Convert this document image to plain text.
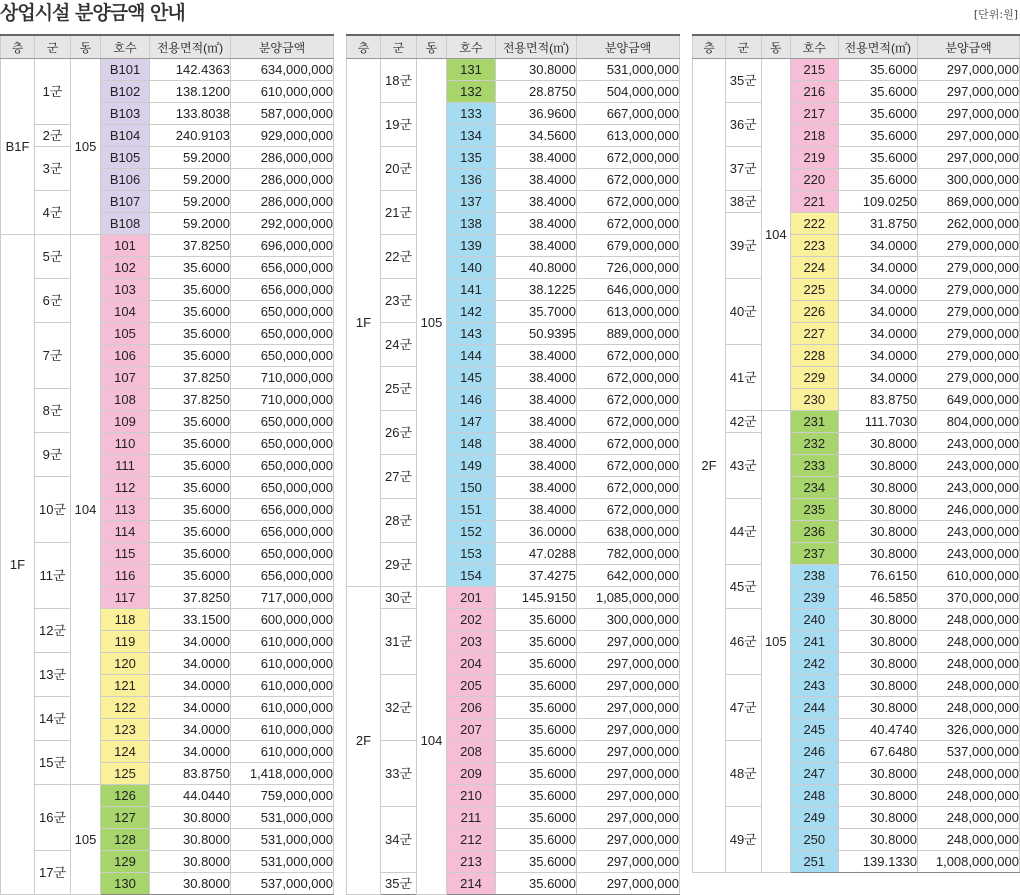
상업시설 분양금액 안내	[단위:원]
층	군	동	호수	전용면적(㎡)	분양금액
B1F	1군	105	B101	142.4363	634,000,000
			B102	138.1200	610,000,000
			B103	133.8038	587,000,000
	2군		B104	240.9103	929,000,000
	3군		B105	59.2000	286,000,000
			B106	59.2000	286,000,000
	4군		B107	59.2000	286,000,000
			B108	59.2000	292,000,000
1F	5군	104	101	37.8250	696,000,000
			102	35.6000	656,000,000
	6군		103	35.6000	656,000,000
			104	35.6000	650,000,000
	7군		105	35.6000	650,000,000
			106	35.6000	650,000,000
			107	37.8250	710,000,000
	8군		108	37.8250	710,000,000
			109	35.6000	650,000,000
	9군		110	35.6000	650,000,000
			111	35.6000	650,000,000
	10군		112	35.6000	650,000,000
			113	35.6000	656,000,000
			114	35.6000	656,000,000
	11군		115	35.6000	650,000,000
			116	35.6000	656,000,000
			117	37.8250	717,000,000
	12군		118	33.1500	600,000,000
			119	34.0000	610,000,000
	13군		120	34.0000	610,000,000
			121	34.0000	610,000,000
	14군		122	34.0000	610,000,000
			123	34.0000	610,000,000
	15군		124	34.0000	610,000,000
			125	83.8750	1,418,000,000
	16군	105	126	44.0440	759,000,000
			127	30.8000	531,000,000
			128	30.8000	531,000,000
	17군		129	30.8000	531,000,000
			130	30.8000	537,000,000
층	군	동	호수	전용면적(㎡)	분양금액
1F	18군	105	131	30.8000	531,000,000
			132	28.8750	504,000,000
	19군		133	36.9600	667,000,000
			134	34.5600	613,000,000
	20군		135	38.4000	672,000,000
			136	38.4000	672,000,000
	21군		137	38.4000	672,000,000
			138	38.4000	672,000,000
	22군		139	38.4000	679,000,000
			140	40.8000	726,000,000
	23군		141	38.1225	646,000,000
			142	35.7000	613,000,000
	24군		143	50.9395	889,000,000
			144	38.4000	672,000,000
	25군		145	38.4000	672,000,000
			146	38.4000	672,000,000
	26군		147	38.4000	672,000,000
			148	38.4000	672,000,000
	27군		149	38.4000	672,000,000
			150	38.4000	672,000,000
	28군		151	38.4000	672,000,000
			152	36.0000	638,000,000
	29군		153	47.0288	782,000,000
			154	37.4275	642,000,000
2F	30군	104	201	145.9150	1,085,000,000
	31군		202	35.6000	300,000,000
			203	35.6000	297,000,000
			204	35.6000	297,000,000
	32군		205	35.6000	297,000,000
			206	35.6000	297,000,000
			207	35.6000	297,000,000
	33군		208	35.6000	297,000,000
			209	35.6000	297,000,000
			210	35.6000	297,000,000
	34군		211	35.6000	297,000,000
			212	35.6000	297,000,000
			213	35.6000	297,000,000
	35군		214	35.6000	297,000,000
층	군	동	호수	전용면적(㎡)	분양금액
2F	35군	104	215	35.6000	297,000,000
			216	35.6000	297,000,000
	36군		217	35.6000	297,000,000
			218	35.6000	297,000,000
	37군		219	35.6000	297,000,000
			220	35.6000	300,000,000
	38군		221	109.0250	869,000,000
	39군		222	31.8750	262,000,000
			223	34.0000	279,000,000
			224	34.0000	279,000,000
	40군		225	34.0000	279,000,000
			226	34.0000	279,000,000
			227	34.0000	279,000,000
	41군		228	34.0000	279,000,000
			229	34.0000	279,000,000
			230	83.8750	649,000,000
	42군	105	231	111.7030	804,000,000
	43군		232	30.8000	243,000,000
			233	30.8000	243,000,000
			234	30.8000	243,000,000
	44군		235	30.8000	246,000,000
			236	30.8000	243,000,000
			237	30.8000	243,000,000
	45군		238	76.6150	610,000,000
			239	46.5850	370,000,000
	46군		240	30.8000	248,000,000
			241	30.8000	248,000,000
			242	30.8000	248,000,000
	47군		243	30.8000	248,000,000
			244	30.8000	248,000,000
			245	40.4740	326,000,000
	48군		246	67.6480	537,000,000
			247	30.8000	248,000,000
			248	30.8000	248,000,000
	49군		249	30.8000	248,000,000
			250	30.8000	248,000,000
			251	139.1330	1,008,000,000
